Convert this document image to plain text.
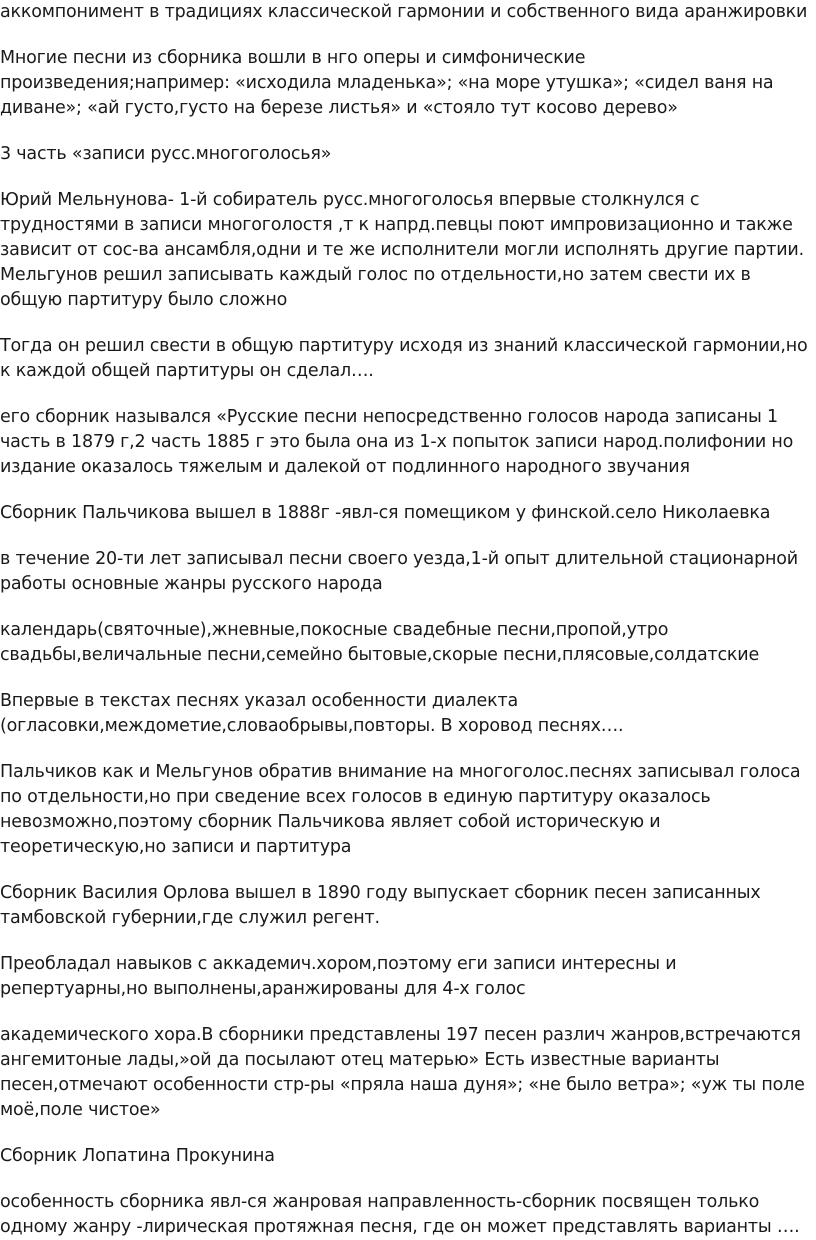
аккомпонимент в традициях классической гармонии и собственного вида аранжировки

Многие песни из сборника вошли в нго оперы и симфонические произведения;например: «исходила младенька»; «на море утушка»; «сидел ваня на диване»; «ай густо,густо на березе листья» и «стояло тут косово дерево»

3 часть «записи русс.многоголосья»

Юрий Мельнунова- 1-й собиратель русс.многоголосья впервые столкнулся с трудностями в записи многоголостя ,т к напрд.певцы поют импровизационно и также зависит от сос-ва ансамбля,одни и те же исполнители могли исполнять другие партии. Мельгунов решил записывать каждый голос по отдельности,но затем свести их в общую партитуру было сложно

Тогда он решил свести в общую партитуру исходя из знаний классической гармонии,но к каждой общей партитуры он сделал….

его сборник назывался «Русские песни непосредственно голосов народа записаны 1 часть в 1879 г,2 часть 1885 г это была она из 1-х попыток записи народ.полифонии но издание оказалось тяжелым и далекой от подлинного народного звучания

Сборник Пальчикова вышел в 1888г -явл-ся помещиком у финской.село Николаевка

в течение 20-ти лет записывал песни своего уезда,1-й опыт длительной стационарной работы основные жанры русского народа

календарь(святочные),жневные,покосные свадебные песни,пропой,утро свадьбы,величальные песни,семейно бытовые,скорые песни,плясовые,солдатские

Впервые в текстах песнях указал особенности диалекта (огласовки,междометие,словаобрывы,повторы. В хоровод песнях….

Пальчиков как и Мельгунов обратив внимание на многоголос.песнях записывал голоса по отдельности,но при сведение всех голосов в единую партитуру оказалось невозможно,поэтому сборник Пальчикова являет собой историческую и теоретическую,но записи и партитура

Сборник Василия Орлова вышел в 1890 году выпускает сборник песен записанных тамбовской губернии,где служил регент.

Преобладал навыков с аккадемич.хором,поэтому еги записи интересны и репертуарны,но выполнены,аранжированы для 4-х голос

академического хора.В сборники представлены 197 песен различ жанров,встречаются ангемитоные лады,»ой да посылают отец матерью» Есть известные варианты песен,отмечают особенности стр-ры «пряла наша дуня»; «не было ветра»; «уж ты поле моё,поле чистое»

Сборник Лопатина Прокунина

особенность сборника явл-ся жанровая направленность-сборник посвящен только одному жанру -лирическая протяжная песня, где он может представлять варианты ….
